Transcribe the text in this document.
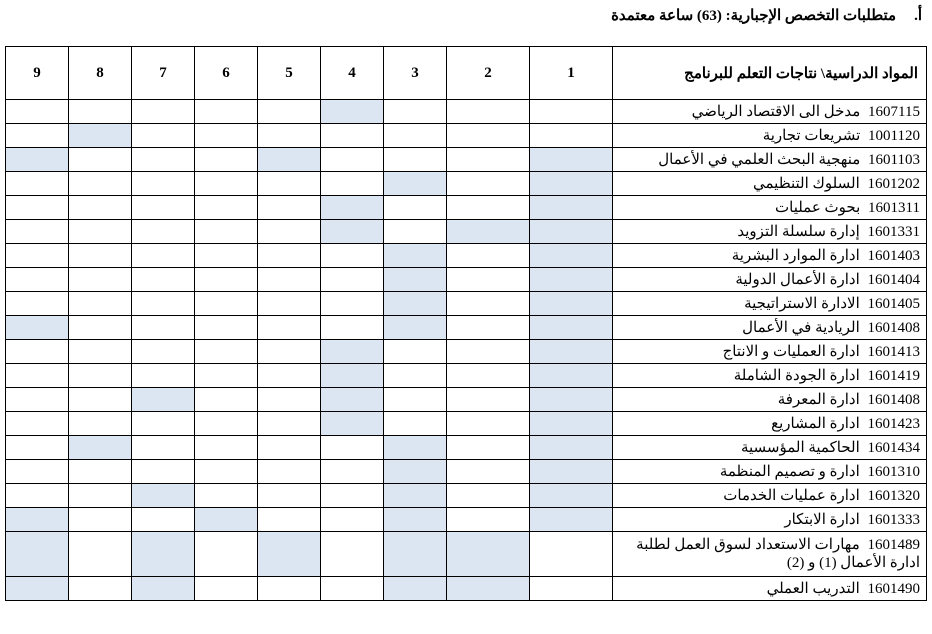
أ.متطلبات التخصص الإجبارية: (63) ساعة معتمدة
9	8	7	6	5	4	3	2	1	المواد الدراسية\ نتاجات التعلم للبرنامج
									1607115 مدخل الى الاقتصاد الرياضي
									1001120 تشريعات تجارية
									1601103 منهجية البحث العلمي في الأعمال
									1601202 السلوك التنظيمي
									1601311 بحوث عمليات
									1601331 إدارة سلسلة التزويد
									1601403 ادارة الموارد البشرية
									1601404 ادارة الأعمال الدولية
									1601405 الادارة الاستراتيجية
									1601408 الريادية في الأعمال
									1601413 ادارة العمليات و الانتاج
									1601419 ادارة الجودة الشاملة
									1601408 ادارة المعرفة
									1601423 ادارة المشاريع
									1601434 الحاكمية المؤسسية
									1601310 ادارة و تصميم المنظمة
									1601320 ادارة عمليات الخدمات
									1601333 ادارة الابتكار
									1601489 مهارات الاستعداد لسوق العمل لطلبة ادارة الأعمال (1) و (2)
									1601490 التدريب العملي
